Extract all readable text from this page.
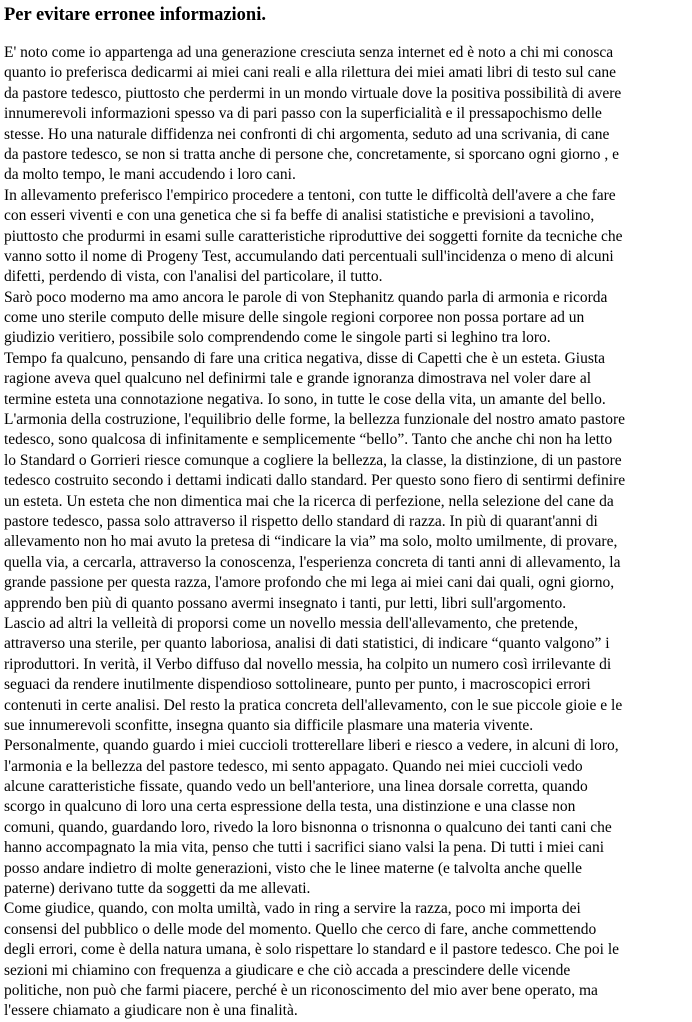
Per evitare erronee informazioni.
E' noto come io appartenga ad una generazione cresciuta senza internet ed è noto a chi mi conosca
quanto io preferisca dedicarmi ai miei cani reali e alla rilettura dei miei amati libri di testo sul cane
da pastore tedesco, piuttosto che perdermi in un mondo virtuale dove la positiva possibilità di avere
innumerevoli informazioni spesso va di pari passo con la superficialità e il pressapochismo delle
stesse. Ho una naturale diffidenza nei confronti di chi argomenta, seduto ad una scrivania, di cane
da pastore tedesco, se non si tratta anche di persone che, concretamente, si sporcano ogni giorno , e
da molto tempo, le mani accudendo i loro cani.
In allevamento preferisco l'empirico procedere a tentoni, con tutte le difficoltà dell'avere a che fare
con esseri viventi e con una genetica che si fa beffe di analisi statistiche e previsioni a tavolino,
piuttosto che produrmi in esami sulle caratteristiche riproduttive dei soggetti fornite da tecniche che
vanno sotto il nome di Progeny Test, accumulando dati percentuali sull'incidenza o meno di alcuni
difetti, perdendo di vista, con l'analisi del particolare, il tutto.
Sarò poco moderno ma amo ancora le parole di von Stephanitz quando parla di armonia e ricorda
come uno sterile computo delle misure delle singole regioni corporee non possa portare ad un
giudizio veritiero, possibile solo comprendendo come le singole parti si leghino tra loro.
Tempo fa qualcuno, pensando di fare una critica negativa, disse di Capetti che è un esteta. Giusta
ragione aveva quel qualcuno nel definirmi tale e grande ignoranza dimostrava nel voler dare al
termine esteta una connotazione negativa. Io sono, in tutte le cose della vita, un amante del bello.
L'armonia della costruzione, l'equilibrio delle forme, la bellezza funzionale del nostro amato pastore
tedesco, sono qualcosa di infinitamente e semplicemente “bello”. Tanto che anche chi non ha letto
lo Standard o Gorrieri riesce comunque a cogliere la bellezza, la classe, la distinzione, di un pastore
tedesco costruito secondo i dettami indicati dallo standard. Per questo sono fiero di sentirmi definire
un esteta. Un esteta che non dimentica mai che la ricerca di perfezione, nella selezione del cane da
pastore tedesco, passa solo attraverso il rispetto dello standard di razza. In più di quarant'anni di
allevamento non ho mai avuto la pretesa di “indicare la via” ma solo, molto umilmente, di provare,
quella via, a cercarla, attraverso la conoscenza, l'esperienza concreta di tanti anni di allevamento, la
grande passione per questa razza, l'amore profondo che mi lega ai miei cani dai quali, ogni giorno,
apprendo ben più di quanto possano avermi insegnato i tanti, pur letti, libri sull'argomento.
Lascio ad altri la velleità di proporsi come un novello messia dell'allevamento, che pretende,
attraverso una sterile, per quanto laboriosa, analisi di dati statistici, di indicare “quanto valgono” i
riproduttori. In verità, il Verbo diffuso dal novello messia, ha colpito un numero così irrilevante di
seguaci da rendere inutilmente dispendioso sottolineare, punto per punto, i macroscopici errori
contenuti in certe analisi. Del resto la pratica concreta dell'allevamento, con le sue piccole gioie e le
sue innumerevoli sconfitte, insegna quanto sia difficile plasmare una materia vivente.
Personalmente, quando guardo i miei cuccioli trotterellare liberi e riesco a vedere, in alcuni di loro,
l'armonia e la bellezza del pastore tedesco, mi sento appagato. Quando nei miei cuccioli vedo
alcune caratteristiche fissate, quando vedo un bell'anteriore, una linea dorsale corretta, quando
scorgo in qualcuno di loro una certa espressione della testa, una distinzione e una classe non
comuni, quando, guardando loro, rivedo la loro bisnonna o trisnonna o qualcuno dei tanti cani che
hanno accompagnato la mia vita, penso che tutti i sacrifici siano valsi la pena. Di tutti i miei cani
posso andare indietro di molte generazioni, visto che le linee materne (e talvolta anche quelle
paterne) derivano tutte da soggetti da me allevati.
Come giudice, quando, con molta umiltà, vado in ring a servire la razza, poco mi importa dei
consensi del pubblico o delle mode del momento. Quello che cerco di fare, anche commettendo
degli errori, come è della natura umana, è solo rispettare lo standard e il pastore tedesco. Che poi le
sezioni mi chiamino con frequenza a giudicare e che ciò accada a prescindere delle vicende
politiche, non può che farmi piacere, perché è un riconoscimento del mio aver bene operato, ma
l'essere chiamato a giudicare non è una finalità.
